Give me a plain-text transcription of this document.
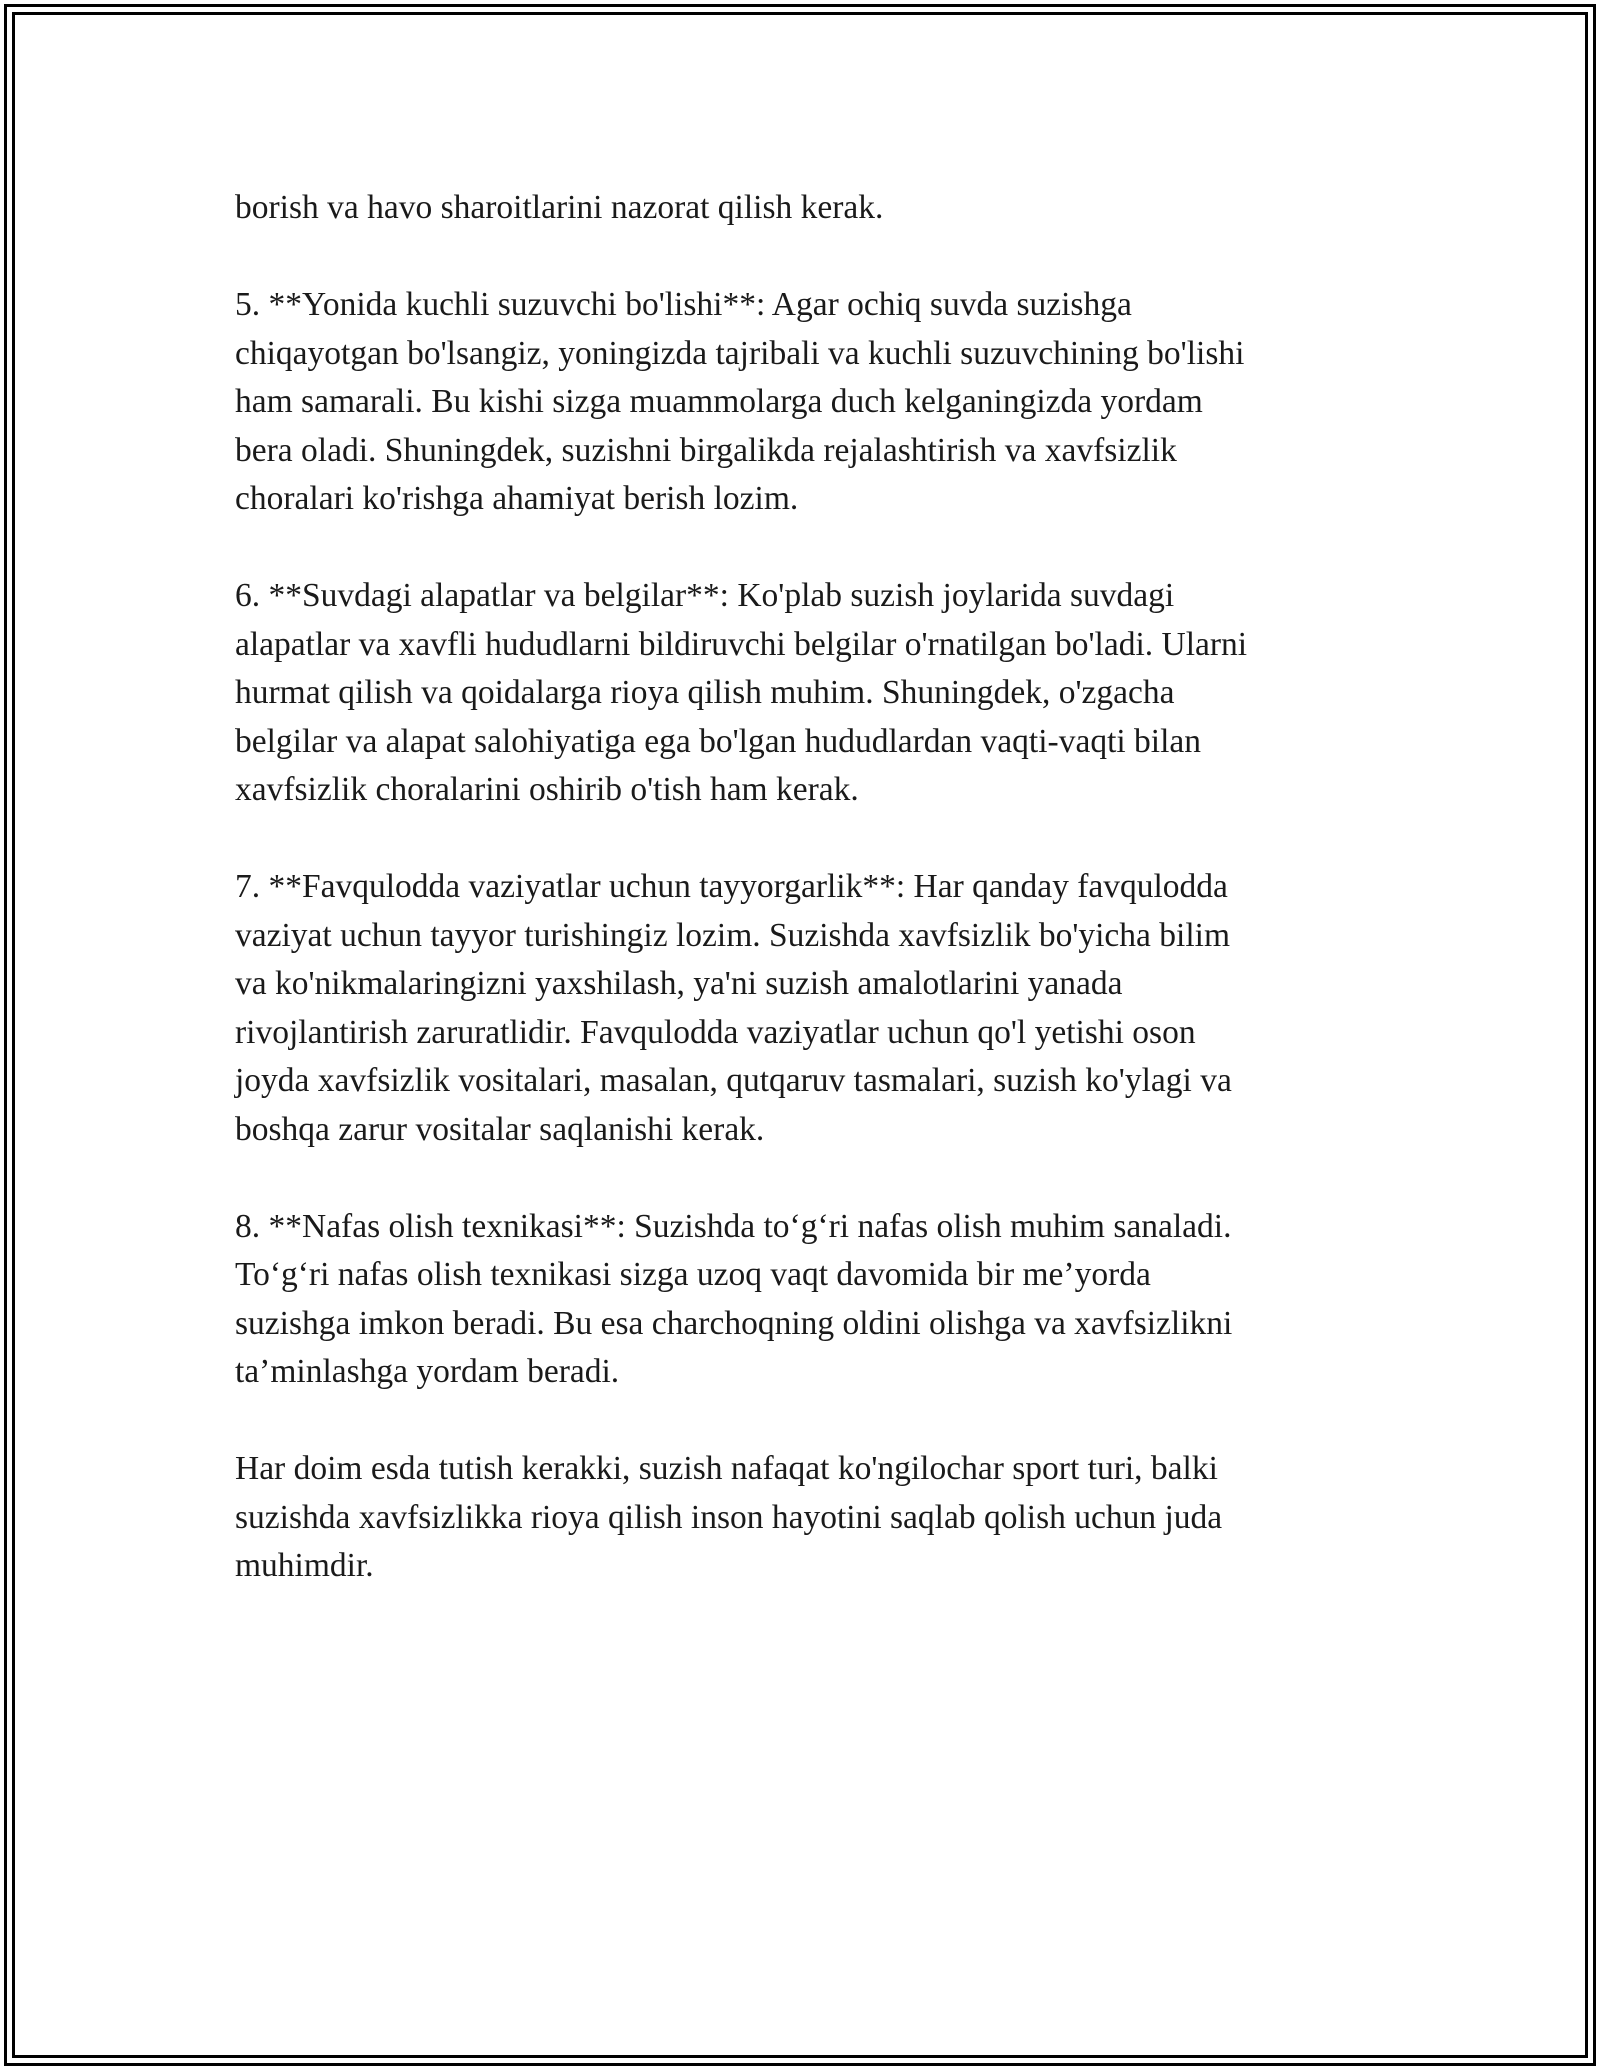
borish va havo sharoitlarini nazorat qilish kerak.

5. **Yonida kuchli suzuvchi bo'lishi**: Agar ochiq suvda suzishga
chiqayotgan bo'lsangiz, yoningizda tajribali va kuchli suzuvchining bo'lishi
ham samarali. Bu kishi sizga muammolarga duch kelganingizda yordam
bera oladi. Shuningdek, suzishni birgalikda rejalashtirish va xavfsizlik
choralari ko'rishga ahamiyat berish lozim.

6. **Suvdagi alapatlar va belgilar**: Ko'plab suzish joylarida suvdagi
alapatlar va xavfli hududlarni bildiruvchi belgilar o'rnatilgan bo'ladi. Ularni
hurmat qilish va qoidalarga rioya qilish muhim. Shuningdek, o'zgacha
belgilar va alapat salohiyatiga ega bo'lgan hududlardan vaqti-vaqti bilan
xavfsizlik choralarini oshirib o'tish ham kerak.

7. **Favqulodda vaziyatlar uchun tayyorgarlik**: Har qanday favqulodda
vaziyat uchun tayyor turishingiz lozim. Suzishda xavfsizlik bo'yicha bilim
va ko'nikmalaringizni yaxshilash, ya'ni suzish amalotlarini yanada
rivojlantirish zaruratlidir. Favqulodda vaziyatlar uchun qo'l yetishi oson
joyda xavfsizlik vositalari, masalan, qutqaruv tasmalari, suzish ko'ylagi va
boshqa zarur vositalar saqlanishi kerak.

8. **Nafas olish texnikasi**: Suzishda to‘g‘ri nafas olish muhim sanaladi.
To‘g‘ri nafas olish texnikasi sizga uzoq vaqt davomida bir me’yorda
suzishga imkon beradi. Bu esa charchoqning oldini olishga va xavfsizlikni
ta’minlashga yordam beradi.

Har doim esda tutish kerakki, suzish nafaqat ko'ngilochar sport turi, balki
suzishda xavfsizlikka rioya qilish inson hayotini saqlab qolish uchun juda
muhimdir.
